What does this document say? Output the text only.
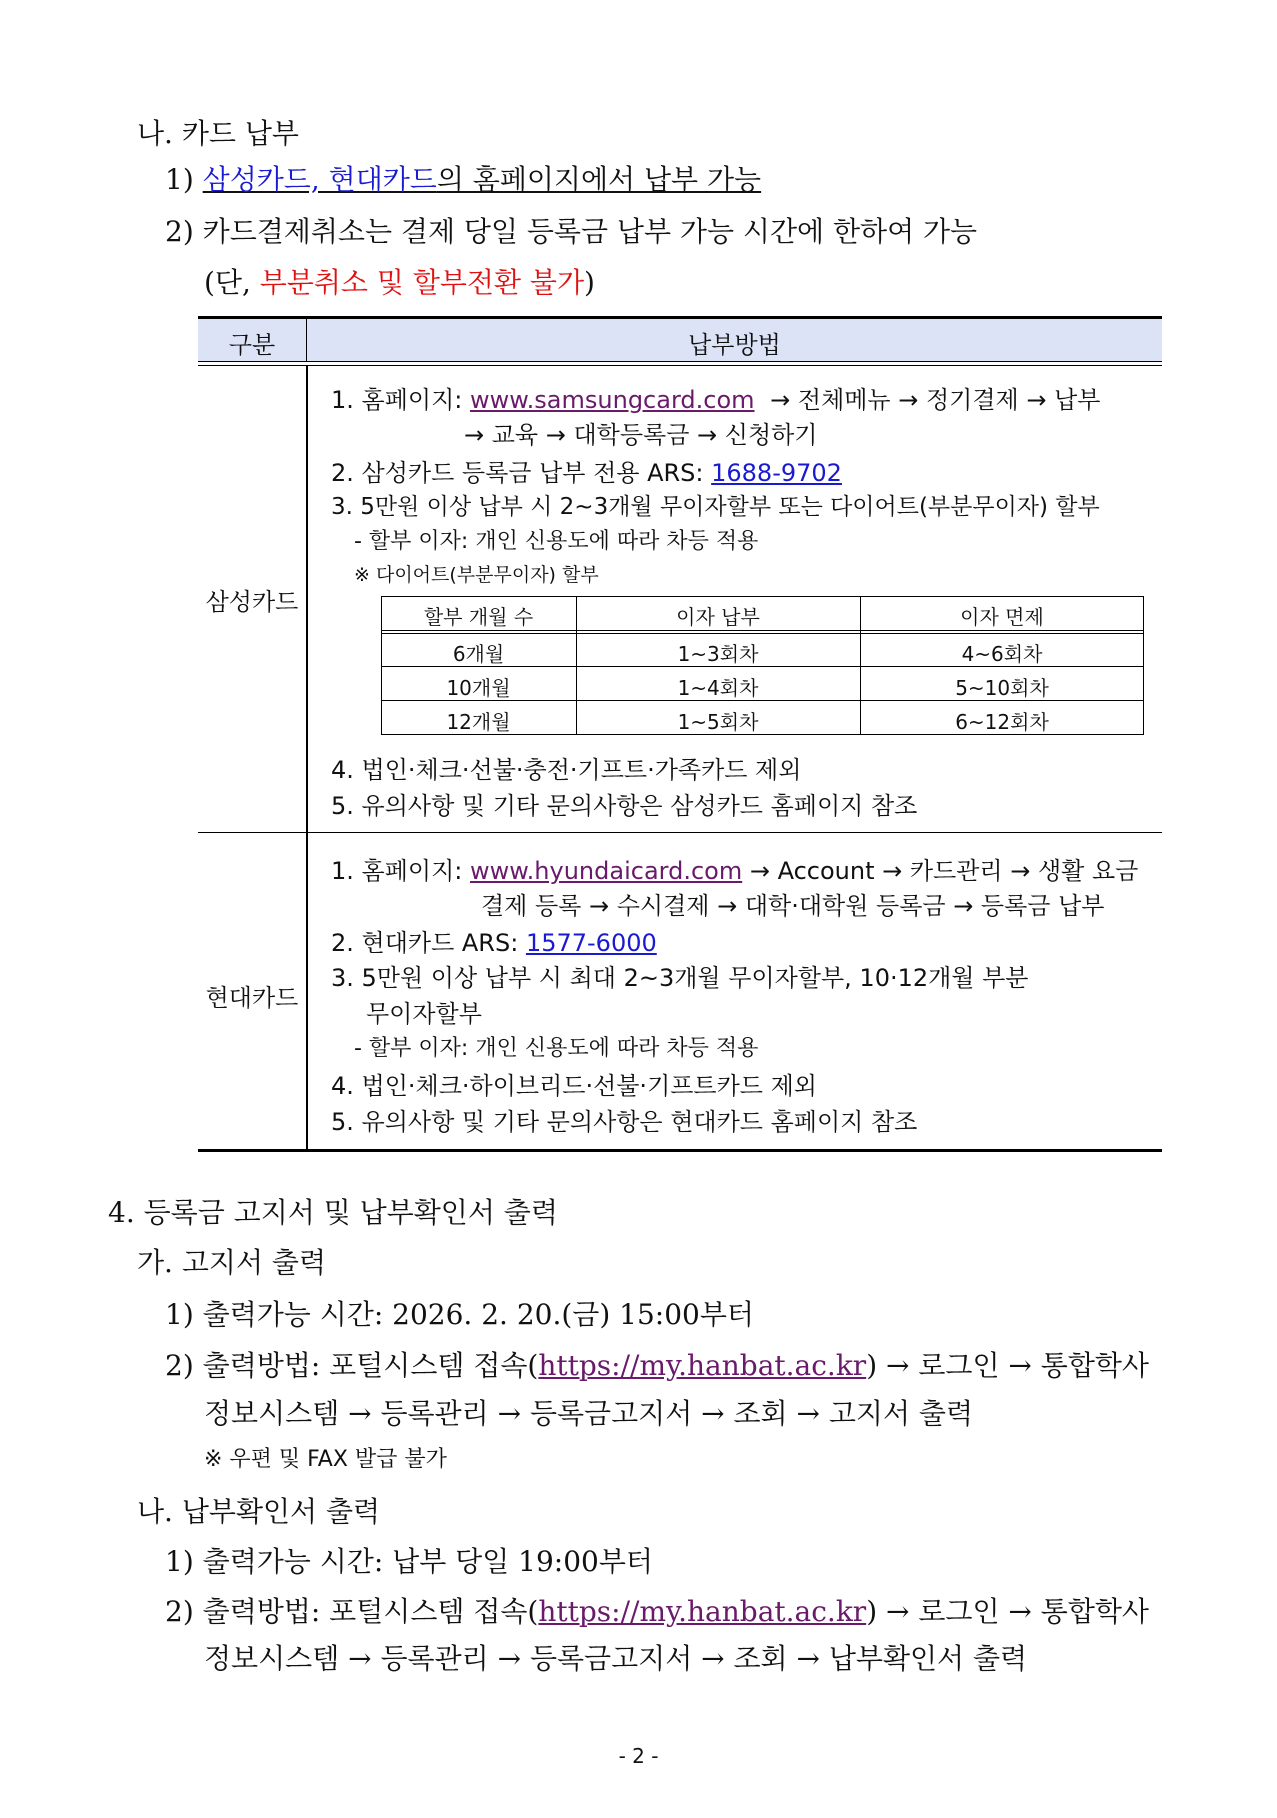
나. 카드 납부
1) 삼성카드, 현대카드의 홈페이지에서 납부 가능
2) 카드결제취소는 결제 당일 등록금 납부 가능 시간에 한하여 가능
(단, 부분취소 및 할부전환 불가)
구분	납부방법
삼성카드
1. 홈페이지: www.samsungcard.com → 전체메뉴 → 정기결제 → 납부
→ 교육 → 대학등록금 → 신청하기
2. 삼성카드 등록금 납부 전용 ARS: 1688-9702
3. 5만원 이상 납부 시 2~3개월 무이자할부 또는 다이어트(부분무이자) 할부
- 할부 이자: 개인 신용도에 따라 차등 적용
※ 다이어트(부분무이자) 할부
할부 개월 수	이자 납부	이자 면제
6개월	1~3회차	4~6회차
10개월	1~4회차	5~10회차
12개월	1~5회차	6~12회차
4. 법인·체크·선불·충전·기프트·가족카드 제외
5. 유의사항 및 기타 문의사항은 삼성카드 홈페이지 참조
현대카드
1. 홈페이지: www.hyundaicard.com → Account → 카드관리 → 생활 요금
결제 등록 → 수시결제 → 대학·대학원 등록금 → 등록금 납부
2. 현대카드 ARS: 1577-6000
3. 5만원 이상 납부 시 최대 2~3개월 무이자할부, 10·12개월 부분
무이자할부
- 할부 이자: 개인 신용도에 따라 차등 적용
4. 법인·체크·하이브리드·선불·기프트카드 제외
5. 유의사항 및 기타 문의사항은 현대카드 홈페이지 참조
4. 등록금 고지서 및 납부확인서 출력
가. 고지서 출력
1) 출력가능 시간: 2026. 2. 20.(금) 15:00부터
2) 출력방법: 포털시스템 접속(https://my.hanbat.ac.kr) → 로그인 → 통합학사
정보시스템 → 등록관리 → 등록금고지서 → 조회 → 고지서 출력
※ 우편 및 FAX 발급 불가
나. 납부확인서 출력
1) 출력가능 시간: 납부 당일 19:00부터
2) 출력방법: 포털시스템 접속(https://my.hanbat.ac.kr) → 로그인 → 통합학사
정보시스템 → 등록관리 → 등록금고지서 → 조회 → 납부확인서 출력
- 2 -
